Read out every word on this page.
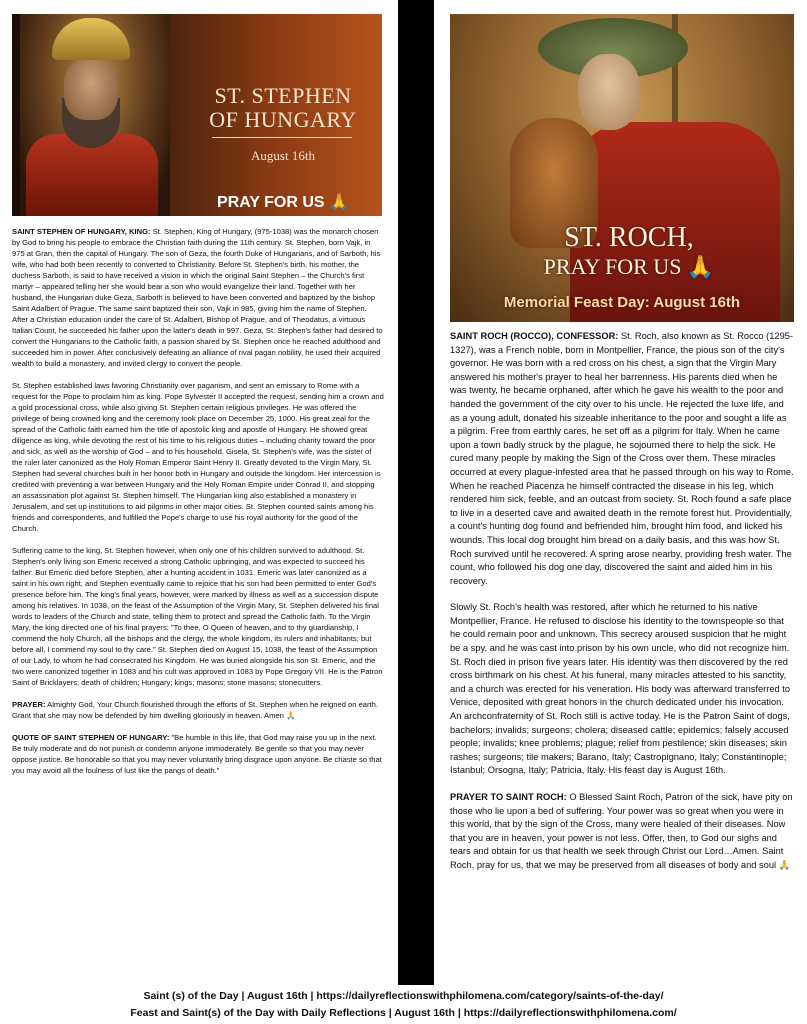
ST. STEPHEN
OF HUNGARY
August 16th
PRAY FOR US 🙏

SAINT STEPHEN OF HUNGARY, KING: St. Stephen, King of Hungary, (975-1038) was the monarch chosen by God to bring his people to embrace the Christian faith during the 11th century. St. Stephen, born Vajk, in 975 at Gran, then the capital of Hungary. The son of Geza, the fourth Duke of Hungarians, and of Sarboth, his wife, who had both been recently to converted to Christianity. Before St. Stephen's birth, his mother, the duchess Sarboth, is said to have received a vision in which the original Saint Stephen – the Church's first martyr – appeared telling her she would bear a son who would evangelize their land. Together with her husband, the Hungarian duke Geza, Sarboth is believed to have been converted and baptized by the bishop Saint Adalbert of Prague. The same saint baptized their son, Vajk in 985, giving him the name of Stephen. After a Christian education under the care of St. Adalbert, Bishop of Prague, and of Theodatus, a virtuous Italian Count, he succeeded his father upon the latter's death in 997. Geza, St. Stephen's father had desired to convert the Hungarians to the Catholic faith, a passion shared by St. Stephen once he reached adulthood and succeeded him in power. After conclusively defeating an alliance of rival pagan nobility, he used their acquired wealth to build a monastery, and invited clergy to convert the people.

St. Stephen established laws favoring Christianity over paganism, and sent an emissary to Rome with a request for the Pope to proclaim him as king. Pope Sylvester II accepted the request, sending him a crown and a gold processional cross, while also giving St. Stephen certain religious privileges. He was offered the privilege of being crowned king and the ceremony took place on December 25, 1000. His great zeal for the spread of the Catholic faith earned him the title of apostolic king and apostle of Hungary. He showed great diligence as king, while devoting the rest of his time to his religious duties – including charity toward the poor and sick, as well as the worship of God – and to his household. Gisela, St. Stephen's wife, was the sister of the ruler later canonized as the Holy Roman Emperor Saint Henry II. Greatly devoted to the Virgin Mary, St. Stephen had several churches built in her honor both in Hungary and outside the kingdom. Her intercession is credited with preventing a war between Hungary and the Holy Roman Empire under Conrad II, and stopping an assassination plot against St. Stephen himself. The Hungarian king also established a monastery in Jerusalem, and set up institutions to aid pilgrims in other major cities. St. Stephen counted saints among his friends and correspondents, and fulfilled the Pope's charge to use his royal authority for the good of the Church.

Suffering came to the king, St. Stephen however, when only one of his children survived to adulthood. St. Stephen's only living son Emeric received a strong Catholic upbringing, and was expected to succeed his father. But Emeric died before Stephen, after a hunting accident in 1031. Emeric was later canonized as a saint in his own right, and Stephen eventually came to rejoice that his son had been permitted to enter God's presence before him. The king's final years, however, were marked by illness as well as a succession dispute among his relatives. In 1038, on the feast of the Assumption of the Virgin Mary, St. Stephen delivered his final words to leaders of the Church and state, telling them to protect and spread the Catholic faith. To the Virgin Mary, the king directed one of his final prayers: "To thee, O Queen of heaven, and to thy guardianship, I commend the holy Church, all the bishops and the clergy, the whole kingdom, its rulers and inhabitants; but before all, I commend my soul to thy care." St. Stephen died on August 15, 1038, the feast of the Assumption of our Lady, to whom he had consecrated his Kingdom. He was buried alongside his son St. Emeric, and the two were canonized together in 1083 and his cult was approved in 1083 by Pope Gregory VII. He is the Patron Saint of Bricklayers; death of children; Hungary; kings; masons; stone masons; stonecutters.

PRAYER: Almighty God, Your Church flourished through the efforts of St. Stephen when he reigned on earth. Grant that she may now be defended by him dwelling gloriously in heaven. Amen 🙏

QUOTE OF SAINT STEPHEN OF HUNGARY: "Be humble in this life, that God may raise you up in the next. Be truly moderate and do not punish or condemn anyone immoderately. Be gentle so that you may never oppose justice. Be honorable so that you may never voluntarily bring disgrace upon anyone. Be chaste so that you may avoid all the foulness of lust like the pangs of death."

ST. ROCH,
PRAY FOR US 🙏
Memorial Feast Day: August 16th

SAINT ROCH (ROCCO), CONFESSOR: St. Roch, also known as St. Rocco (1295-1327), was a French noble, born in Montpellier, France, the pious son of the city's governor. He was born with a red cross on his chest, a sign that the Virgin Mary answered his mother's prayer to heal her barrenness. His parents died when he was twenty, he became orphaned, after which he gave his wealth to the poor and handed the government of the city over to his uncle. He rejected the luxe life, and as a young adult, donated his sizeable inheritance to the poor and sought a life as a pilgrim. Free from earthly cares, he set off as a pilgrim for Italy. When he came upon a town badly struck by the plague, he sojourned there to help the sick. He cured many people by making the Sign of the Cross over them. These miracles occurred at every plague-infested area that he passed through on his way to Rome. When he reached Piacenza he himself contracted the disease in his leg, which rendered him sick, feeble, and an outcast from society. St. Roch found a safe place to live in a deserted cave and awaited death in the remote forest hut. Providentially, a count's hunting dog found and befriended him, brought him food, and licked his wounds. This local dog brought him bread on a daily basis, and this was how St. Roch survived until he recovered. A spring arose nearby, providing fresh water. The count, who followed his dog one day, discovered the saint and aided him in his recovery.

Slowly St. Roch's health was restored, after which he returned to his native Montpellier, France. He refused to disclose his identity to the townspeople so that he could remain poor and unknown. This secrecy aroused suspicion that he might be a spy, and he was cast into prison by his own uncle, who did not recognize him. St. Roch died in prison five years later. His identity was then discovered by the red cross birthmark on his chest. At his funeral, many miracles attested to his sanctity, and a church was erected for his veneration. His body was afterward transferred to Venice, deposited with great honors in the church dedicated under his invocation. An archconfraternity of St. Roch still is active today. He is the Patron Saint of dogs, bachelors; invalids; surgeons; cholera; diseased cattle; epidemics; falsely accused people; invalids; knee problems; plague; relief from pestilence; skin diseases; skin rashes; surgeons; tile makers; Barano, Italy; Castropignano, Italy; Constantinople; Istanbul; Orsogna, Italy; Patricia, Italy. His feast day is August 16th.

PRAYER TO SAINT ROCH: O Blessed Saint Roch, Patron of the sick, have pity on those who lie upon a bed of suffering. Your power was so great when you were in this world, that by the sign of the Cross, many were healed of their diseases. Now that you are in heaven, your power is not less. Offer, then, to God our sighs and tears and obtain for us that health we seek through Christ our Lord…Amen. Saint Roch, pray for us, that we may be preserved from all diseases of body and soul 🙏

Saint (s) of the Day | August 16th | https://dailyreflectionswithphilomena.com/category/saints-of-the-day/
Feast and Saint(s) of the Day with Daily Reflections | August 16th | https://dailyreflectionswithphilomena.com/
